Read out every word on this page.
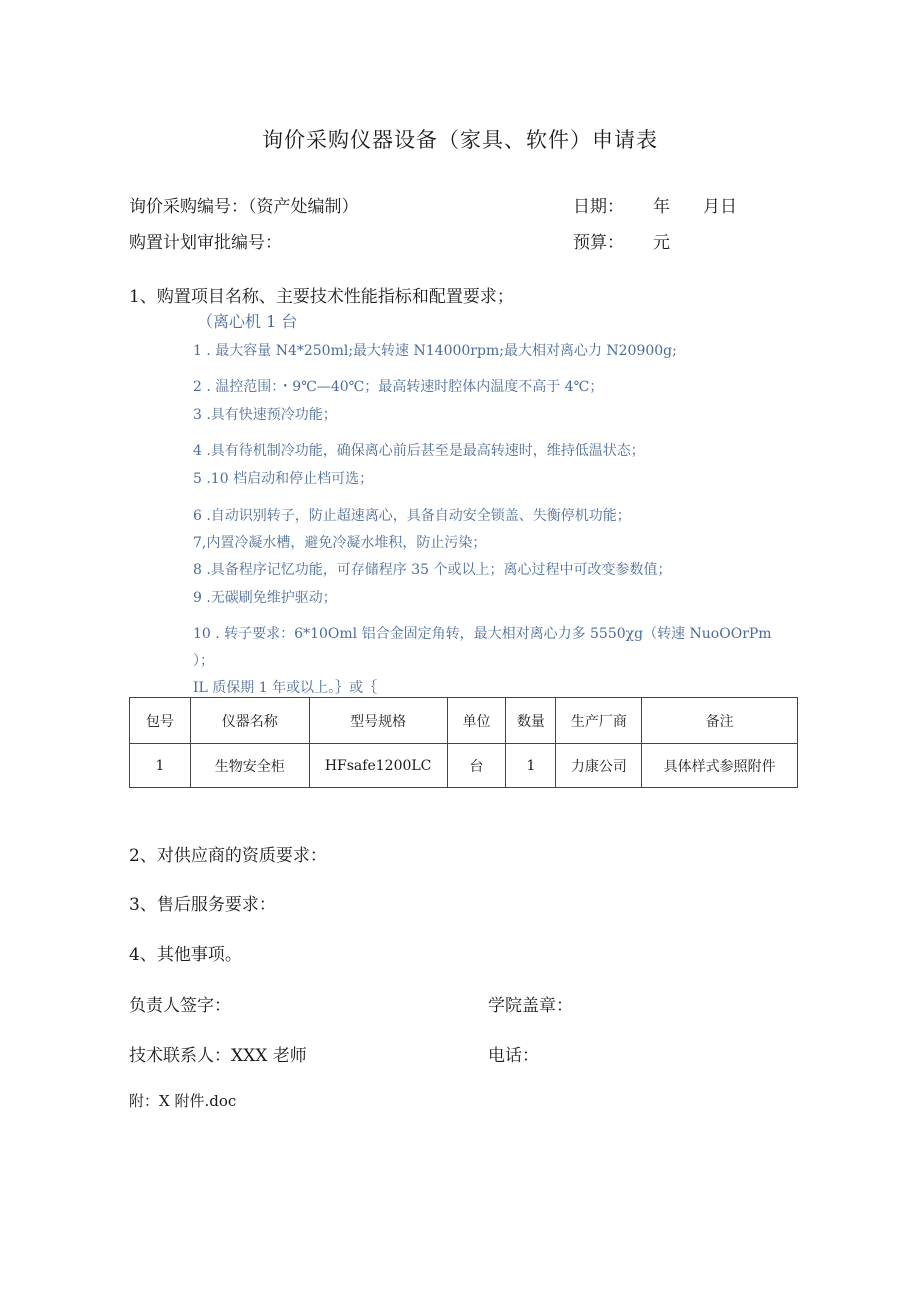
询价采购仪器设备（家具、软件）申请表
询价采购编号：（资产处编制）	日期： 年 月日
购置计划审批编号：	预算： 元
1、购置项目名称、主要技术性能指标和配置要求；
（离心机 1 台
1 . 最大容量 N4*250ml;最大转速 N14000rpm;最大相对离心力 N20900g;
2 . 温控范围：・9℃—40℃；最高转速时腔体内温度不高于 4℃；
3 .具有快速预冷功能；
4 .具有待机制冷功能，确保离心前后甚至是最高转速时，维持低温状态；
5 .10 档启动和停止档可选；
6 .自动识别转子，防止超速离心，具备自动安全锁盖、失衡停机功能；
7,内置冷凝水槽，避免冷凝水堆积，防止污染；
8 .具备程序记忆功能，可存储程序 35 个或以上；离心过程中可改变参数值；
9 .无碳刷免维护驱动；
10 . 转子要求：6*10Oml 铝合金固定角转，最大相对离心力多 5550χg（转速 NuoOOrPm
）；
IL 质保期 1 年或以上。｝或｛
包号	仪器名称	型号规格	单位	数量	生产厂商	备注
1	生物安全柜	HFsafe1200LC	台	1	力康公司	具体样式参照附件
2、对供应商的资质要求：
3、售后服务要求：
4、其他事项。
负责人签字：	学院盖章：
技术联系人：XXX 老师	电话：
附：X 附件.doc
